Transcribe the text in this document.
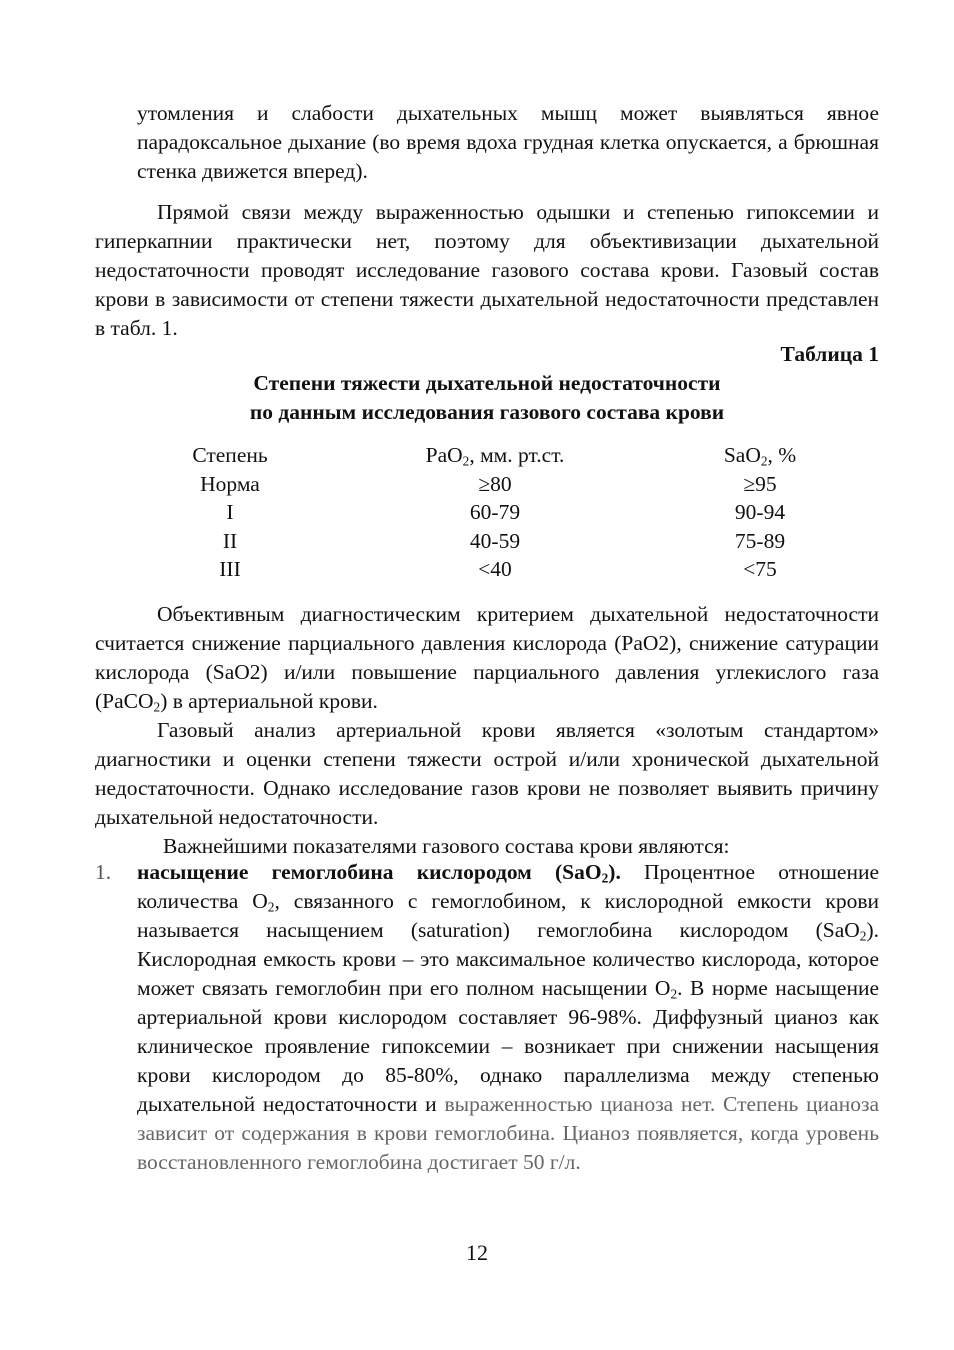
утомления и слабости дыхательных мышц может выявляться явное парадоксальное дыхание (во время вдоха грудная клетка опускается, а брюшная стенка движется вперед).

Прямой связи между выраженностью одышки и степенью гипоксемии и гиперкапнии практически нет, поэтому для объективизации дыхательной недостаточности проводят исследование газового состава крови. Газовый состав крови в зависимости от степени тяжести дыхательной недостаточности представлен в табл. 1.

Таблица 1
Степени тяжести дыхательной недостаточности
по данным исследования газового состава крови
Степень	PaO$_2$, мм. рт.ст.	SaO$_2$, %
Норма	≥80	≥95
I	60-79	90-94
II	40-59	75-89
III	<40	<75

Объективным диагностическим критерием дыхательной недостаточности считается снижение парциального давления кислорода (PaO2), снижение сатурации кислорода (SaO2) и/или повышение парциального давления углекислого газа (PaCO$_2$) в артериальной крови.

Газовый анализ артериальной крови является «золотым стандартом» диагностики и оценки степени тяжести острой и/или хронической дыхательной недостаточности. Однако исследование газов крови не позволяет выявить причину дыхательной недостаточности.

Важнейшими показателями газового состава крови являются:

1. насыщение гемоглобина кислородом (SaO$_2$). Процентное отношение количества $О_2$, связанного с гемоглобином, к кислородной емкости крови называется насыщением (saturation) гемоглобина кислородом (SaO$_2$). Кислородная емкость крови – это максимальное количество кислорода, которое может связать гемоглобин при его полном насыщении $О_2$. В норме насыщение артериальной крови кислородом составляет 96-98%. Диффузный цианоз как клиническое проявление гипоксемии – возникает при снижении насыщения крови кислородом до 85-80%, однако параллелизма между степенью дыхательной недостаточности и выраженностью цианоза нет. Степень цианоза зависит от содержания в крови гемоглобина. Цианоз появляется, когда уровень восстановленного гемоглобина достигает 50 г/л.
12
